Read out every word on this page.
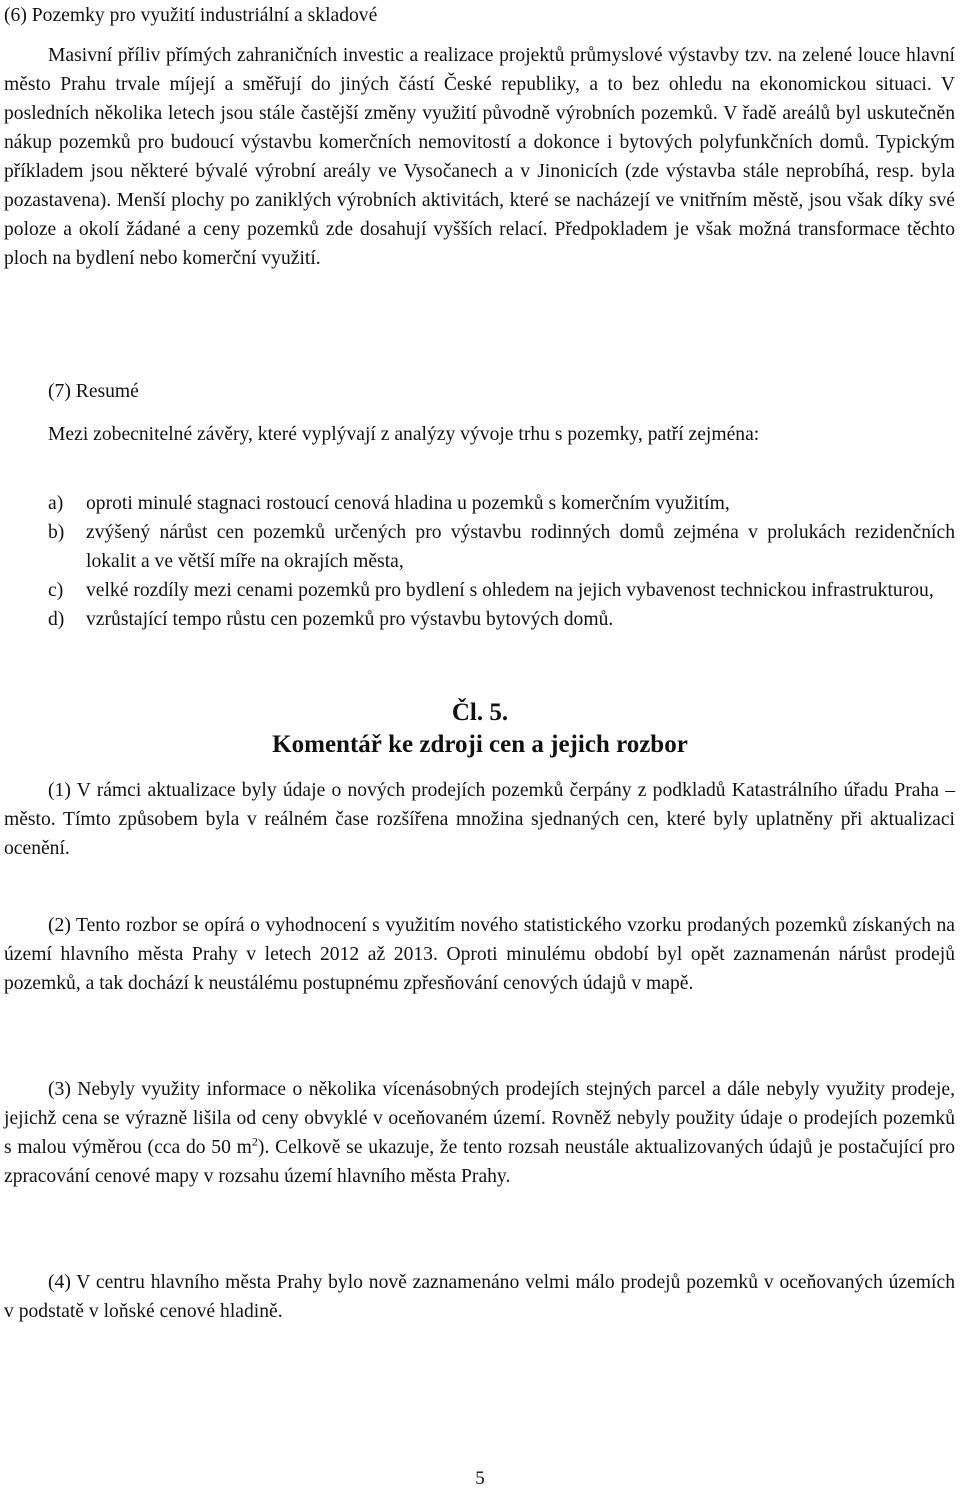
(6) Pozemky pro využití industriální a skladové
Masivní příliv přímých zahraničních investic a realizace projektů průmyslové výstavby tzv. na zelené louce hlavní město Prahu trvale míjejí a směřují do jiných částí České republiky, a to bez ohledu na ekonomickou situaci. V posledních několika letech jsou stále častější změny využití původně výrobních pozemků. V řadě areálů byl uskutečněn nákup pozemků pro budoucí výstavbu komerčních nemovitostí a dokonce i bytových polyfunkčních domů. Typickým příkladem jsou některé bývalé výrobní areály ve Vysočanech a v Jinonicích (zde výstavba stále neprobíhá, resp. byla pozastavena). Menší plochy po zaniklých výrobních aktivitách, které se nacházejí ve vnitřním městě, jsou však díky své poloze a okolí žádané a ceny pozemků zde dosahují vyšších relací. Předpokladem je však možná transformace těchto ploch na bydlení nebo komerční využití.
(7) Resumé
Mezi zobecnitelné závěry, které vyplývají z analýzy vývoje trhu s pozemky, patří zejména:
a) oproti minulé stagnaci rostoucí cenová hladina u pozemků s komerčním využitím,
b) zvýšený nárůst cen pozemků určených pro výstavbu rodinných domů zejména v prolukách rezidenčních lokalit a ve větší míře na okrajích města,
c) velké rozdíly mezi cenami pozemků pro bydlení s ohledem na jejich vybavenost technickou infrastrukturou,
d) vzrůstající tempo růstu cen pozemků pro výstavbu bytových domů.
Čl. 5.
Komentář ke zdroji cen a jejich rozbor
(1) V rámci aktualizace byly údaje o nových prodejích pozemků čerpány z podkladů Katastrálního úřadu Praha – město. Tímto způsobem byla v reálném čase rozšířena množina sjednaných cen, které byly uplatněny při aktualizaci ocenění.
(2) Tento rozbor se opírá o vyhodnocení s využitím nového statistického vzorku prodaných pozemků získaných na území hlavního města Prahy v letech 2012 až 2013. Oproti minulému období byl opět zaznamenán nárůst prodejů pozemků, a tak dochází k neustálému postupnému zpřesňování cenových údajů v mapě.
(3) Nebyly využity informace o několika vícenásobných prodejích stejných parcel a dále nebyly využity prodeje, jejichž cena se výrazně lišila od ceny obvyklé v oceňovaném území. Rovněž nebyly použity údaje o prodejích pozemků s malou výměrou (cca do 50 $m^2$). Celkově se ukazuje, že tento rozsah neustále aktualizovaných údajů je postačující pro zpracování cenové mapy v rozsahu území hlavního města Prahy.
(4) V centru hlavního města Prahy bylo nově zaznamenáno velmi málo prodejů pozemků v oceňovaných územích v podstatě v loňské cenové hladině.
5
